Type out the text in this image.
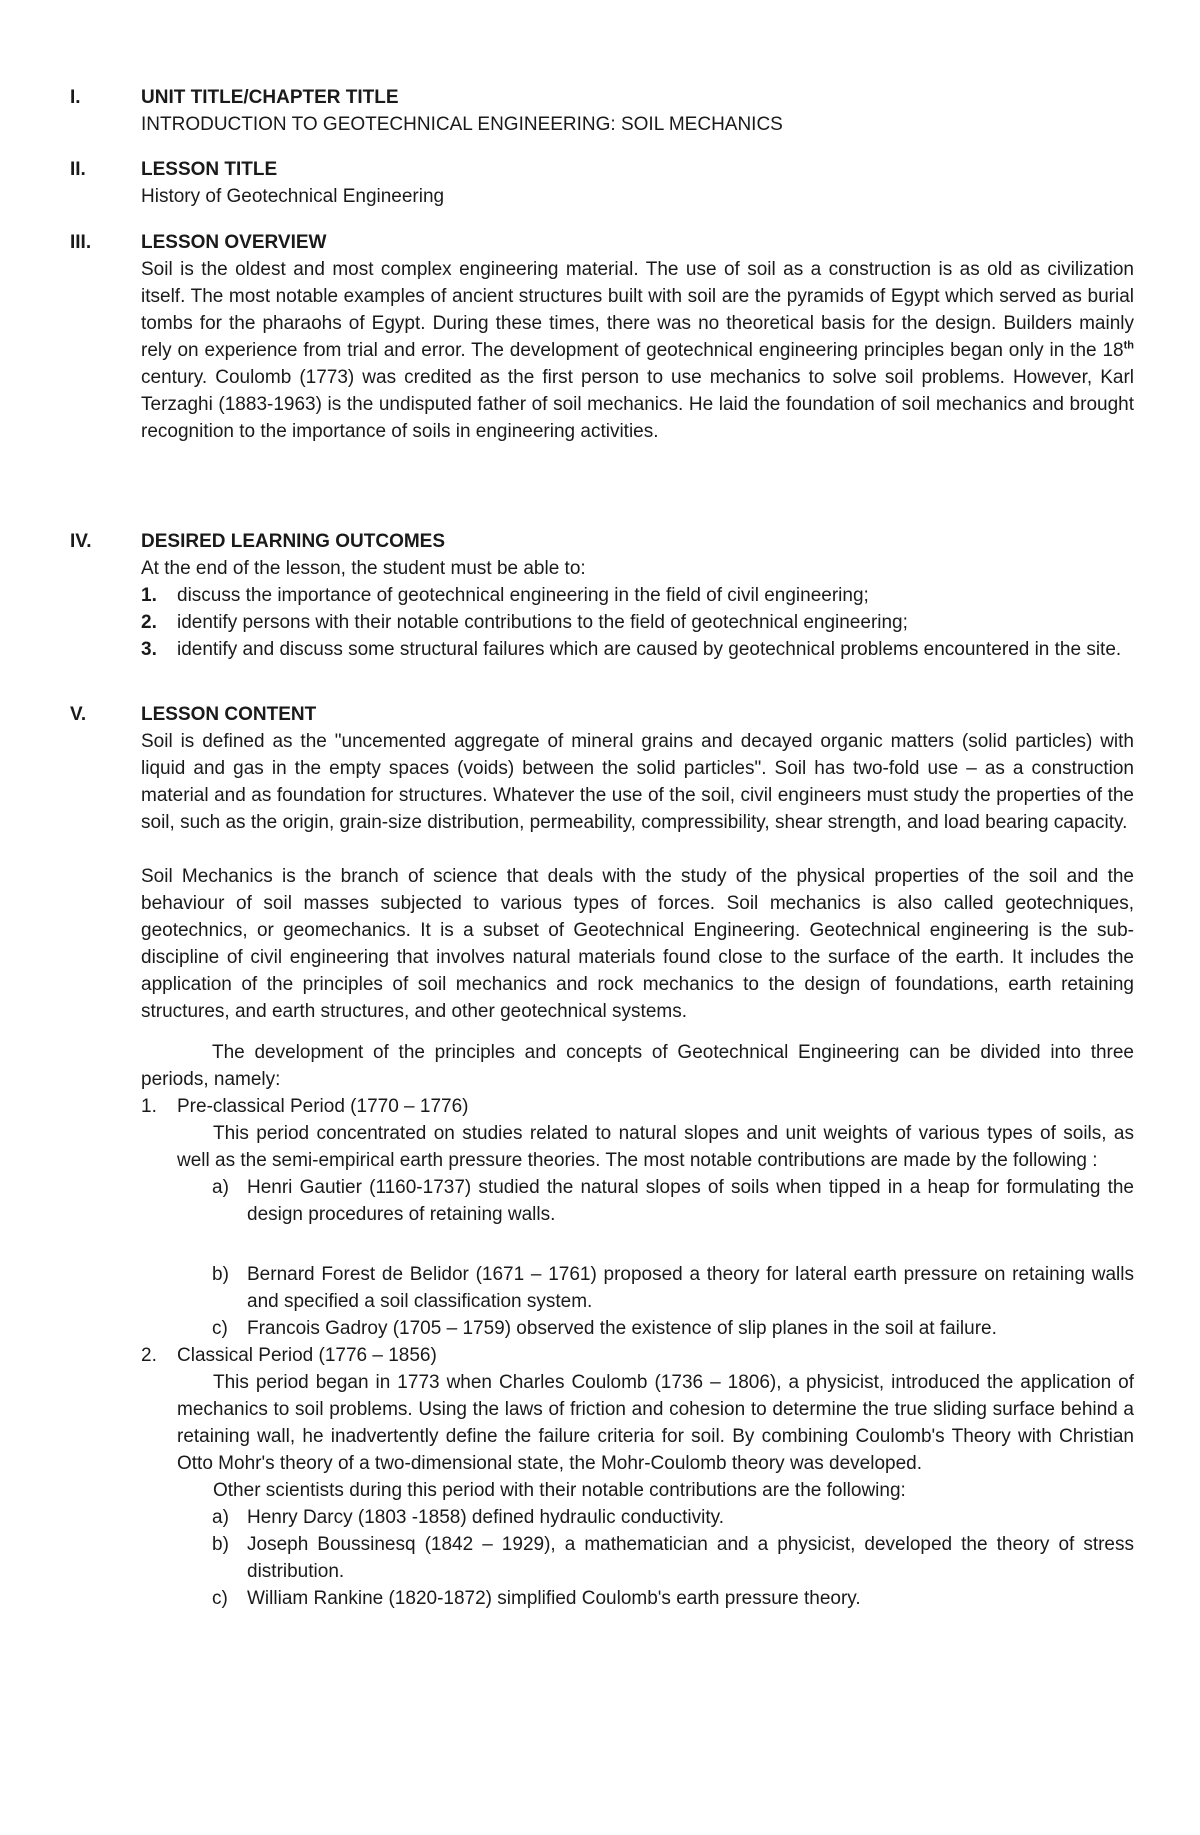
I.	UNIT TITLE/CHAPTER TITLE
INTRODUCTION TO GEOTECHNICAL ENGINEERING: SOIL MECHANICS
II.	LESSON TITLE
History of Geotechnical Engineering
III.	LESSON OVERVIEW
Soil is the oldest and most complex engineering material. The use of soil as a construction is as old as civilization itself. The most notable examples of ancient structures built with soil are the pyramids of Egypt which served as burial tombs for the pharaohs of Egypt. During these times, there was no theoretical basis for the design. Builders mainly rely on experience from trial and error. The development of geotechnical engineering principles began only in the 18th century. Coulomb (1773) was credited as the first person to use mechanics to solve soil problems. However, Karl Terzaghi (1883-1963) is the undisputed father of soil mechanics. He laid the foundation of soil mechanics and brought recognition to the importance of soils in engineering activities.
IV.	DESIRED LEARNING OUTCOMES
At the end of the lesson, the student must be able to:
1. discuss the importance of geotechnical engineering in the field of civil engineering;
2. identify persons with their notable contributions to the field of geotechnical engineering;
3. identify and discuss some structural failures which are caused by geotechnical problems encountered in the site.
V.	LESSON CONTENT
Soil is defined as the "uncemented aggregate of mineral grains and decayed organic matters (solid particles) with liquid and gas in the empty spaces (voids) between the solid particles". Soil has two-fold use – as a construction material and as foundation for structures. Whatever the use of the soil, civil engineers must study the properties of the soil, such as the origin, grain-size distribution, permeability, compressibility, shear strength, and load bearing capacity.
Soil Mechanics is the branch of science that deals with the study of the physical properties of the soil and the behaviour of soil masses subjected to various types of forces. Soil mechanics is also called geotechniques, geotechnics, or geomechanics. It is a subset of Geotechnical Engineering. Geotechnical engineering is the sub-discipline of civil engineering that involves natural materials found close to the surface of the earth. It includes the application of the principles of soil mechanics and rock mechanics to the design of foundations, earth retaining structures, and earth structures, and other geotechnical systems.
The development of the principles and concepts of Geotechnical Engineering can be divided into three periods, namely:
1. Pre-classical Period (1770 – 1776)
This period concentrated on studies related to natural slopes and unit weights of various types of soils, as well as the semi-empirical earth pressure theories. The most notable contributions are made by the following :
a) Henri Gautier (1160-1737) studied the natural slopes of soils when tipped in a heap for formulating the design procedures of retaining walls.
b) Bernard Forest de Belidor (1671 – 1761) proposed a theory for lateral earth pressure on retaining walls and specified a soil classification system.
c) Francois Gadroy (1705 – 1759) observed the existence of slip planes in the soil at failure.
2. Classical Period (1776 – 1856)
This period began in 1773 when Charles Coulomb (1736 – 1806), a physicist, introduced the application of mechanics to soil problems. Using the laws of friction and cohesion to determine the true sliding surface behind a retaining wall, he inadvertently define the failure criteria for soil. By combining Coulomb's Theory with Christian Otto Mohr's theory of a two-dimensional state, the Mohr-Coulomb theory was developed.
Other scientists during this period with their notable contributions are the following:
a) Henry Darcy (1803 -1858) defined hydraulic conductivity.
b) Joseph Boussinesq (1842 – 1929), a mathematician and a physicist, developed the theory of stress distribution.
c) William Rankine (1820-1872) simplified Coulomb's earth pressure theory.
